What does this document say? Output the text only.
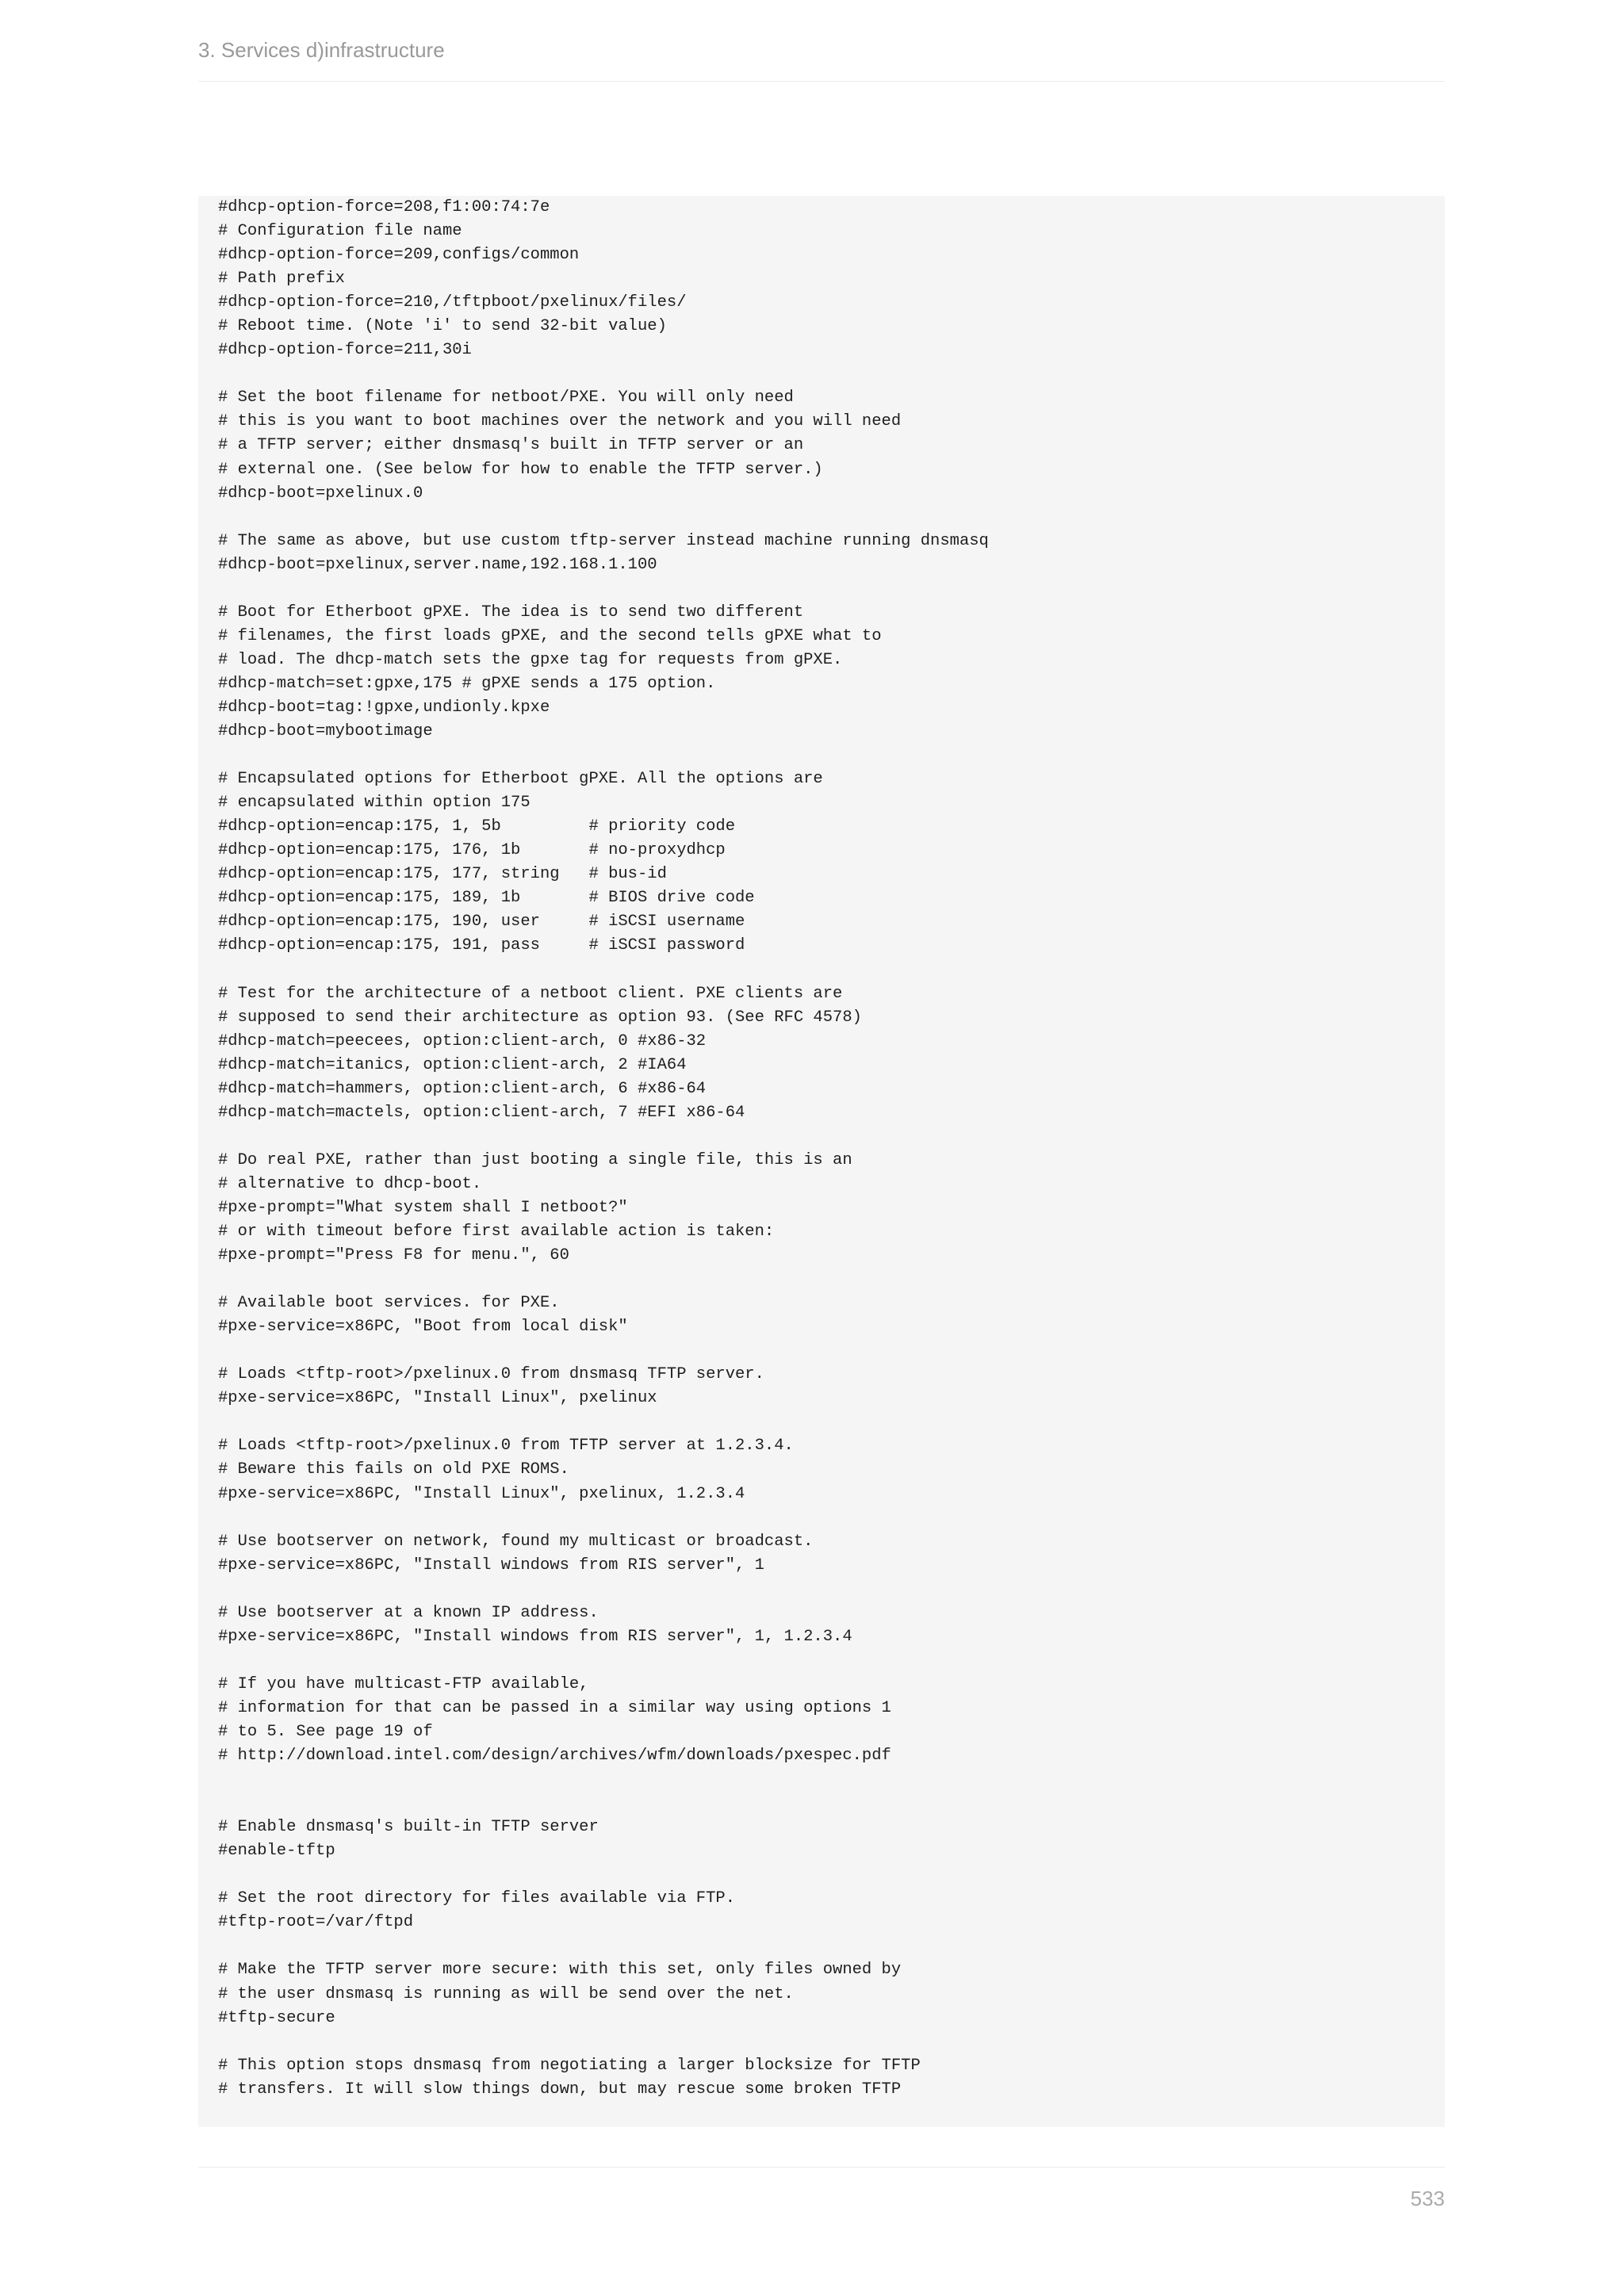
3. Services d)infrastructure
#dhcp-option-force=208,f1:00:74:7e
# Configuration file name
#dhcp-option-force=209,configs/common
# Path prefix
#dhcp-option-force=210,/tftpboot/pxelinux/files/
# Reboot time. (Note 'i' to send 32-bit value)
#dhcp-option-force=211,30i
# Set the boot filename for netboot/PXE. You will only need
# this is you want to boot machines over the network and you will need
# a TFTP server; either dnsmasq's built in TFTP server or an
# external one. (See below for how to enable the TFTP server.)
#dhcp-boot=pxelinux.0
# The same as above, but use custom tftp-server instead machine running dnsmasq
#dhcp-boot=pxelinux,server.name,192.168.1.100
# Boot for Etherboot gPXE. The idea is to send two different
# filenames, the first loads gPXE, and the second tells gPXE what to
# load. The dhcp-match sets the gpxe tag for requests from gPXE.
#dhcp-match=set:gpxe,175 # gPXE sends a 175 option.
#dhcp-boot=tag:!gpxe,undionly.kpxe
#dhcp-boot=mybootimage
# Encapsulated options for Etherboot gPXE. All the options are
# encapsulated within option 175
#dhcp-option=encap:175, 1, 5b         # priority code
#dhcp-option=encap:175, 176, 1b       # no-proxydhcp
#dhcp-option=encap:175, 177, string   # bus-id
#dhcp-option=encap:175, 189, 1b       # BIOS drive code
#dhcp-option=encap:175, 190, user     # iSCSI username
#dhcp-option=encap:175, 191, pass     # iSCSI password
# Test for the architecture of a netboot client. PXE clients are
# supposed to send their architecture as option 93. (See RFC 4578)
#dhcp-match=peecees, option:client-arch, 0 #x86-32
#dhcp-match=itanics, option:client-arch, 2 #IA64
#dhcp-match=hammers, option:client-arch, 6 #x86-64
#dhcp-match=mactels, option:client-arch, 7 #EFI x86-64
# Do real PXE, rather than just booting a single file, this is an
# alternative to dhcp-boot.
#pxe-prompt="What system shall I netboot?"
# or with timeout before first available action is taken:
#pxe-prompt="Press F8 for menu.", 60
# Available boot services. for PXE.
#pxe-service=x86PC, "Boot from local disk"
# Loads <tftp-root>/pxelinux.0 from dnsmasq TFTP server.
#pxe-service=x86PC, "Install Linux", pxelinux
# Loads <tftp-root>/pxelinux.0 from TFTP server at 1.2.3.4.
# Beware this fails on old PXE ROMS.
#pxe-service=x86PC, "Install Linux", pxelinux, 1.2.3.4
# Use bootserver on network, found my multicast or broadcast.
#pxe-service=x86PC, "Install windows from RIS server", 1
# Use bootserver at a known IP address.
#pxe-service=x86PC, "Install windows from RIS server", 1, 1.2.3.4
# If you have multicast-FTP available,
# information for that can be passed in a similar way using options 1
# to 5. See page 19 of
# http://download.intel.com/design/archives/wfm/downloads/pxespec.pdf
# Enable dnsmasq's built-in TFTP server
#enable-tftp
# Set the root directory for files available via FTP.
#tftp-root=/var/ftpd
# Make the TFTP server more secure: with this set, only files owned by
# the user dnsmasq is running as will be send over the net.
#tftp-secure
# This option stops dnsmasq from negotiating a larger blocksize for TFTP
# transfers. It will slow things down, but may rescue some broken TFTP
533
